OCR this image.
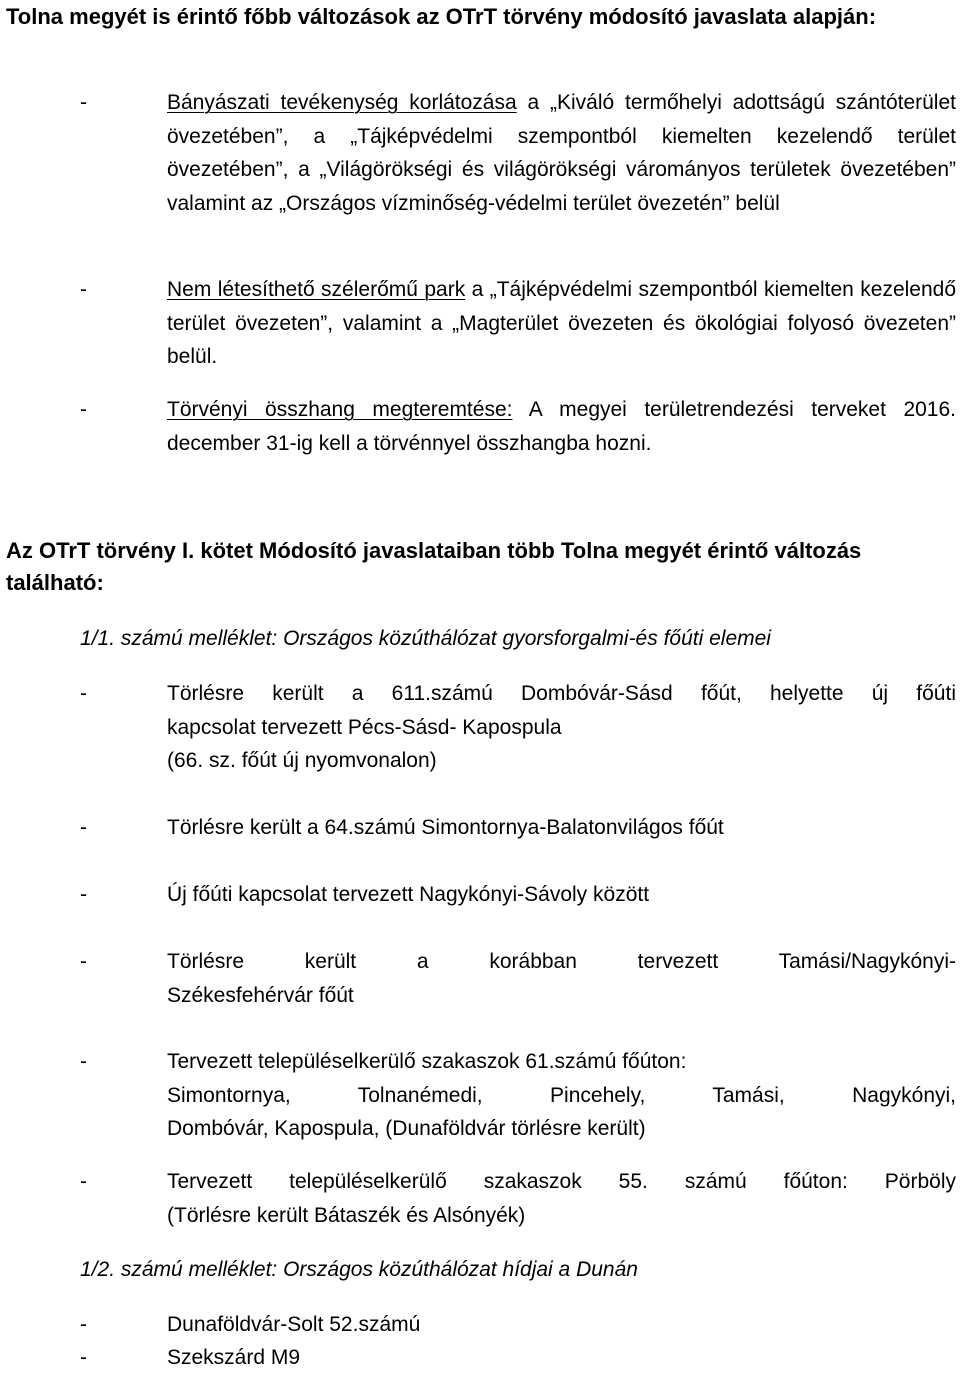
Tolna megyét is érintő főbb változások az OTrT törvény módosító javaslata alapján:
-	Bányászati tevékenység korlátozása a „Kiváló termőhelyi adottságú szántóterület övezetében”, a „Tájképvédelmi szempontból kiemelten kezelendő terület övezetében”, a „Világörökségi és világörökségi várományos területek övezetében” valamint az „Országos vízminőség-védelmi terület övezetén” belül

-	Nem létesíthető szélerőmű park a „Tájképvédelmi szempontból kiemelten kezelendő terület övezeten”, valamint a „Magterület övezeten és ökológiai folyosó övezeten” belül.

-	Törvényi összhang megteremtése: A megyei területrendezési terveket 2016. december 31-ig kell a törvénnyel összhangba hozni.

Az OTrT törvény I. kötet Módosító javaslataiban több Tolna megyét érintő változás található:

1/1. számú melléklet: Országos közúthálózat gyorsforgalmi-és főúti elemei

-	Törlésre került a 611.számú Dombóvár-Sásd főút, helyette új főúti
kapcsolat tervezett Pécs-Sásd- Kapospula
(66. sz. főút új nyomvonalon)
-	Törlésre került a 64.számú Simontornya-Balatonvilágos főút

-	Új főúti kapcsolat tervezett Nagykónyi-Sávoly között

-	Törlésre került a korábban tervezett Tamási/Nagykónyi-
Székesfehérvár főút
-	Tervezett településelkerülő szakaszok 61.számú főúton:
Simontornya, Tolnanémedi, Pincehely, Tamási, Nagykónyi,
Dombóvár, Kapospula, (Dunaföldvár törlésre került)
-	Tervezett településelkerülő szakaszok 55. számú főúton: Pörböly
(Törlésre került Bátaszék és Alsónyék)

1/2. számú melléklet: Országos közúthálózat hídjai a Dunán

-	Dunaföldvár-Solt 52.számú

-	Szekszárd M9
